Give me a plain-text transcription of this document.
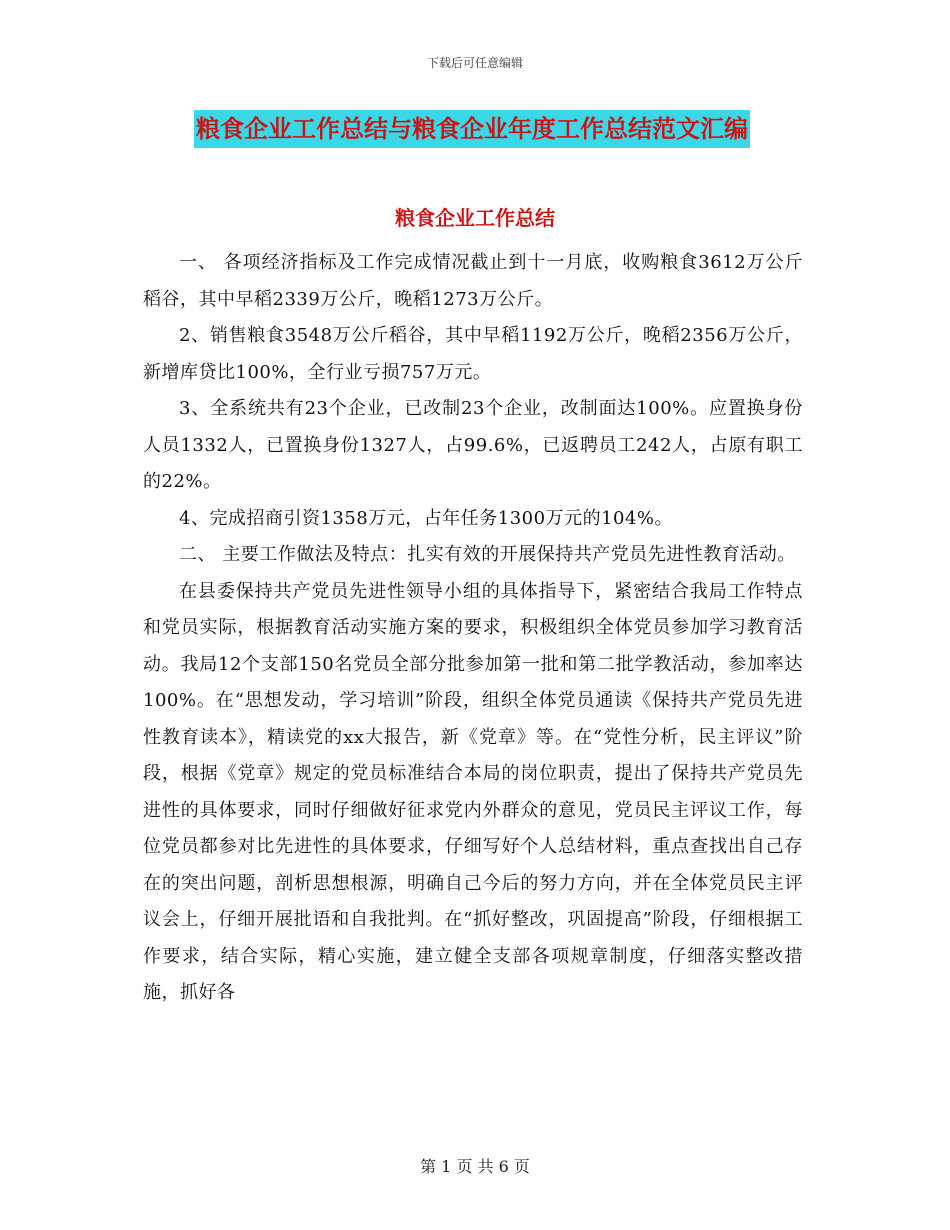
下载后可任意编辑
粮食企业工作总结与粮食企业年度工作总结范文汇编
粮食企业工作总结

一、 各项经济指标及工作完成情况截止到十一月底，收购粮食3612万公斤稻谷，其中早稻2339万公斤，晚稻1273万公斤。

2、销售粮食3548万公斤稻谷，其中早稻1192万公斤，晚稻2356万公斤，新增库贷比100%，全行业亏损757万元。

3、全系统共有23个企业，已改制23个企业，改制面达100%。应置换身份人员1332人，已置换身份1327人，占99.6%，已返聘员工242人，占原有职工的22%。

4、完成招商引资1358万元，占年任务1300万元的104%。

二、 主要工作做法及特点：扎实有效的开展保持共产党员先进性教育活动。

在县委保持共产党员先进性领导小组的具体指导下，紧密结合我局工作特点和党员实际，根据教育活动实施方案的要求，积极组织全体党员参加学习教育活动。我局12个支部150名党员全部分批参加第一批和第二批学教活动，参加率达100%。在“思想发动，学习培训”阶段，组织全体党员通读《保持共产党员先进性教育读本》，精读党的xx大报告，新《党章》等。在“党性分析，民主评议”阶段，根据《党章》规定的党员标准结合本局的岗位职责，提出了保持共产党员先进性的具体要求，同时仔细做好征求党内外群众的意见，党员民主评议工作，每位党员都参对比先进性的具体要求，仔细写好个人总结材料，重点查找出自己存在的突出问题，剖析思想根源，明确自己今后的努力方向，并在全体党员民主评议会上，仔细开展批语和自我批判。在“抓好整改，巩固提高”阶段，仔细根据工作要求，结合实际，精心实施，建立健全支部各项规章制度，仔细落实整改措施，抓好各

第 1 页 共 6 页
